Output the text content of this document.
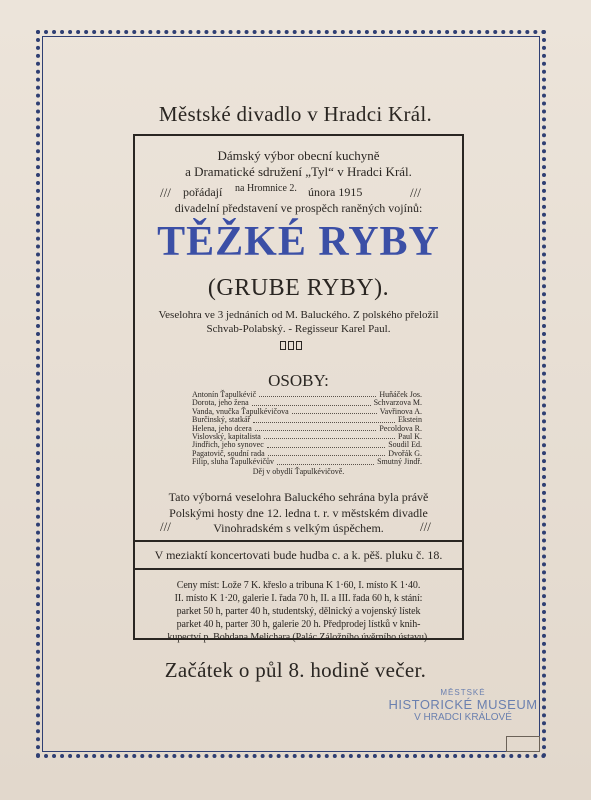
Městské divadlo v Hradci Král.
Dámský výbor obecní kuchyně
a Dramatické sdružení „Tyl“ v Hradci Král.
/// pořádají na Hromnice 2. února 1915	///
divadelní představení ve prospěch raněných vojínů:
TĚŽKÉ RYBY
(GRUBE RYBY).
Veselohra ve 3 jednáních od M. Baluckého. Z polského přeložil
Schvab-Polabský. - Regisseur Karel Paul.
OSOBY:
Antonín Ťapulkévič	Huňáček Jos.
Dorota, jeho žena	Schvarzova M.
Vanda, vnučka Ťapulkévičova	Vavřinova A.
Burčinský, statkář	Ekstein
Helena, jeho dcera	Pecoldova R.
Vislovský, kapitalista	Paul K.
Jindřich, jeho synovec	Soudil Ed.
Pagatovič, soudní rada	Dvořák G.
Filip, sluha Ťapulkévičův	Smutný Jindř.
Děj v obydlí Ťapulkévičově.
Tato výborná veselohra Baluckého sehrána byla právě
Polskými hosty dne 12. ledna t. r. v městském divadle
///	Vinohradském s velkým úspěchem.	///
V meziaktí koncertovati bude hudba c. a k. pěš. pluku č. 18.
Ceny míst: Lože 7 K. křeslo a tribuna K 1·60, I. místo K 1·40.
II. místo K 1·20, galerie I. řada 70 h, II. a III. řada 60 h, k stání:
parket 50 h, parter 40 h, studentský, dělnický a vojenský lístek
parket 40 h, parter 30 h, galerie 20 h. Předprodej lístků v knih-
kupectví p. Bohdana Melichara (Palác Záložního úvěrního ústavu).
Začátek o půl 8. hodině večer.
MĚSTSKÉ
HISTORICKÉ MUSEUM
V HRADCI KRÁLOVÉ
